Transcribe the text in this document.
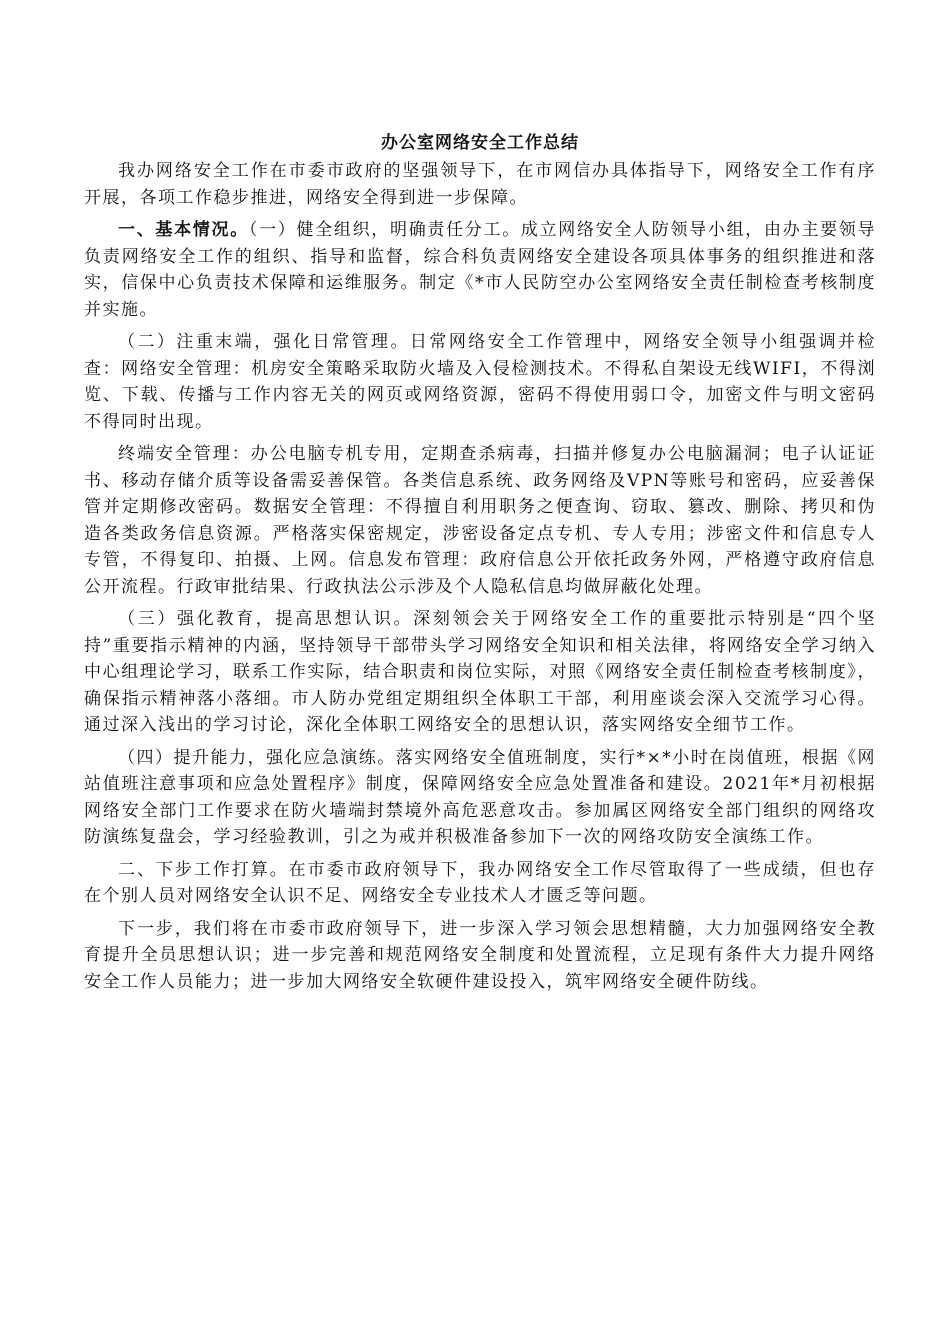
办公室网络安全工作总结

我办网络安全工作在市委市政府的坚强领导下，在市网信办具体指导下，网络安全工作有序开展，各项工作稳步推进，网络安全得到进一步保障。

一、基本情况。（一）健全组织，明确责任分工。成立网络安全人防领导小组，由办主要领导负责网络安全工作的组织、指导和监督，综合科负责网络安全建设各项具体事务的组织推进和落实，信保中心负责技术保障和运维服务。制定《*市人民防空办公室网络安全责任制检查考核制度并实施。

（二）注重末端，强化日常管理。日常网络安全工作管理中，网络安全领导小组强调并检查：网络安全管理：机房安全策略采取防火墙及入侵检测技术。不得私自架设无线WIFI，不得浏览、下载、传播与工作内容无关的网页或网络资源，密码不得使用弱口令，加密文件与明文密码不得同时出现。

终端安全管理：办公电脑专机专用，定期查杀病毒，扫描并修复办公电脑漏洞；电子认证证书、移动存储介质等设备需妥善保管。各类信息系统、政务网络及VPN等账号和密码，应妥善保管并定期修改密码。数据安全管理：不得擅自利用职务之便查询、窃取、篡改、删除、拷贝和伪造各类政务信息资源。严格落实保密规定，涉密设备定点专机、专人专用；涉密文件和信息专人专管，不得复印、拍摄、上网。信息发布管理：政府信息公开依托政务外网，严格遵守政府信息公开流程。行政审批结果、行政执法公示涉及个人隐私信息均做屏蔽化处理。

（三）强化教育，提高思想认识。深刻领会关于网络安全工作的重要批示特别是“四个坚持”重要指示精神的内涵，坚持领导干部带头学习网络安全知识和相关法律，将网络安全学习纳入中心组理论学习，联系工作实际，结合职责和岗位实际，对照《网络安全责任制检查考核制度》，确保指示精神落小落细。市人防办党组定期组织全体职工干部，利用座谈会深入交流学习心得。通过深入浅出的学习讨论，深化全体职工网络安全的思想认识，落实网络安全细节工作。

（四）提升能力，强化应急演练。落实网络安全值班制度，实行*×*小时在岗值班，根据《网站值班注意事项和应急处置程序》制度，保障网络安全应急处置准备和建设。2021年*月初根据网络安全部门工作要求在防火墙端封禁境外高危恶意攻击。参加属区网络安全部门组织的网络攻防演练复盘会，学习经验教训，引之为戒并积极准备参加下一次的网络攻防安全演练工作。

二、下步工作打算。在市委市政府领导下，我办网络安全工作尽管取得了一些成绩，但也存在个别人员对网络安全认识不足、网络安全专业技术人才匮乏等问题。

下一步，我们将在市委市政府领导下，进一步深入学习领会思想精髓，大力加强网络安全教育提升全员思想认识；进一步完善和规范网络安全制度和处置流程，立足现有条件大力提升网络安全工作人员能力；进一步加大网络安全软硬件建设投入，筑牢网络安全硬件防线。
